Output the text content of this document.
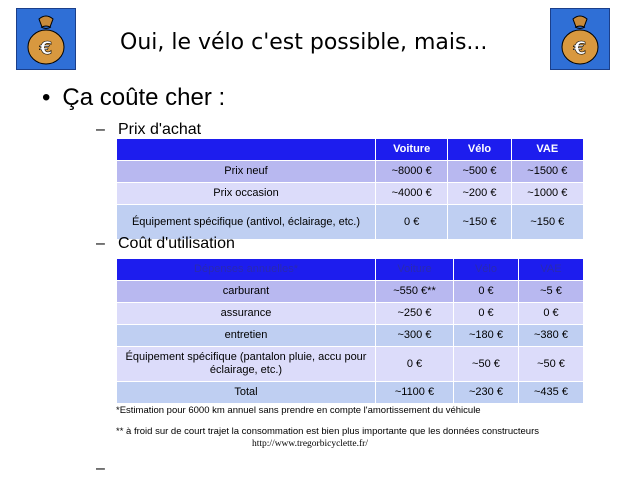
€	Oui, le vélo c'est possible, mais...	€
• Ça coûte cher :
– Prix d'achat
	Voiture	Vélo	VAE
Prix neuf	~8000 €	~500 €	~1500 €
Prix occasion	~4000 €	~200 €	~1000 €
Équipement spécifique (antivol, éclairage, etc.)	0 €	~150 €	~150 €
– Coût d'utilisation
Dépenses annuelles*	Voiture	Vélo	VAE
carburant	~550 €**	0 €	~5 €
assurance	~250 €	0 €	0 €
entretien	~300 €	~180 €	~380 €
Équipement spécifique (pantalon pluie, accu pour éclairage, etc.)	0 €	~50 €	~50 €
Total	~1100 €	~230 €	~435 €
*Estimation pour 6000 km annuel sans prendre en compte l'amortissement du véhicule
** à froid sur de court trajet la consommation est bien plus importante que les données constructeurs
http://www.tregorbicyclette.fr/
–
